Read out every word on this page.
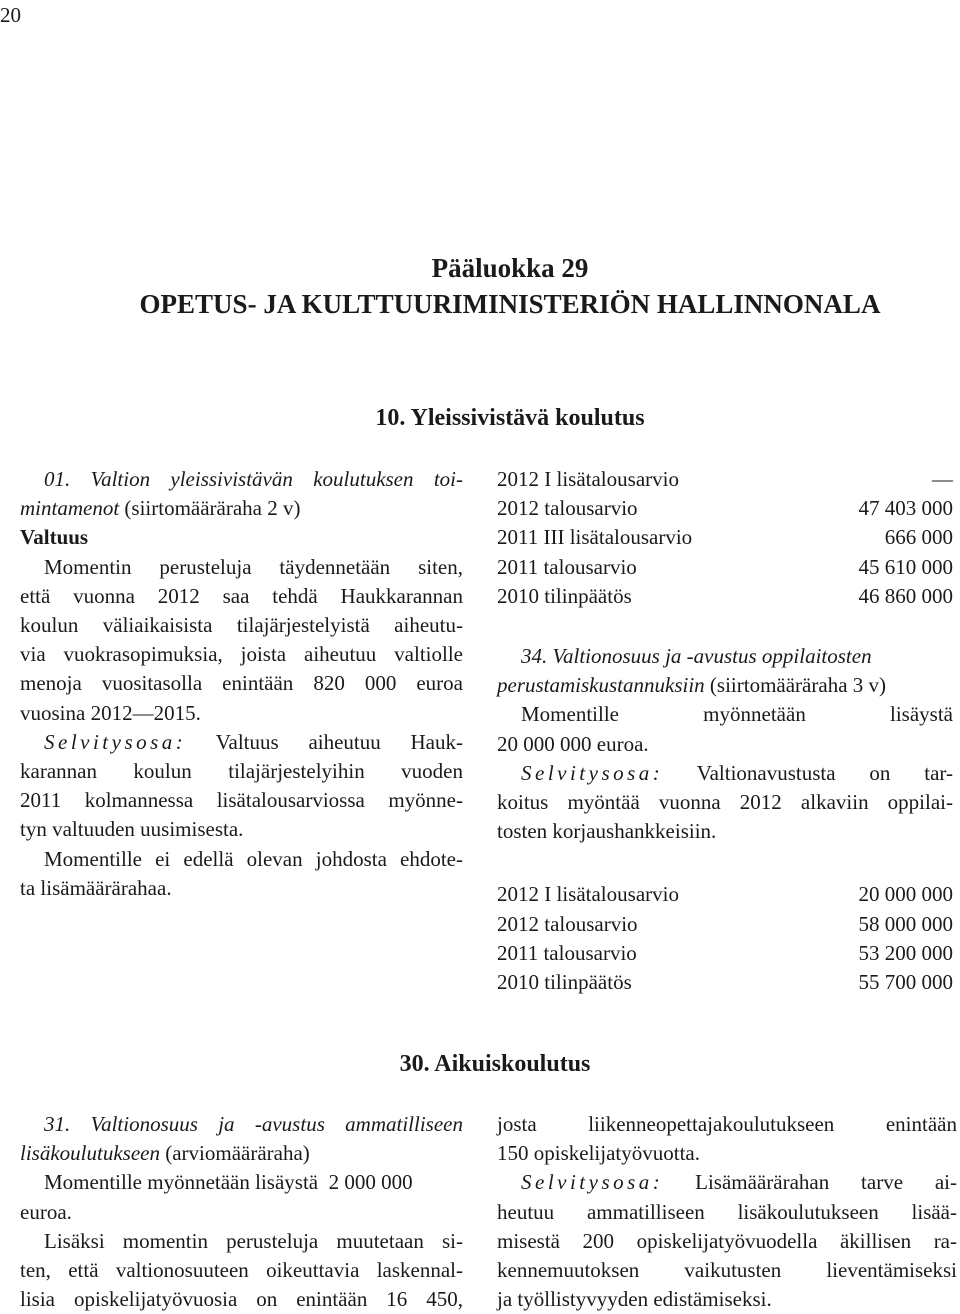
20
Pääluokka 29
OPETUS- JA KULTTUURIMINISTERIÖN HALLINNONALA
10. Yleissivistävä koulutus

01. Valtion yleissivistävän koulutuksen toi-

mintamenot (siirtomääräraha 2 v)

Valtuus

Momentin perusteluja täydennetään siten,

että vuonna 2012 saa tehdä Haukkarannan

koulun väliaikaisista tilajärjestelyistä aiheutu-

via vuokrasopimuksia, joista aiheutuu valtiolle

menoja vuositasolla enintään 820 000 euroa

vuosina 2012—2015.

Selvitysosa: Valtuus aiheutuu Hauk-

karannan koulun tilajärjestelyihin vuoden

2011 kolmannessa lisätalousarviossa myönne-

tyn valtuuden uusimisesta.

Momentille ei edellä olevan johdosta ehdote-

ta lisämäärärahaa.

2012 I lisätalousarvio	—
2012 talousarvio	47 403 000
2011 III lisätalousarvio	666 000
2011 talousarvio	45 610 000
2010 tilinpäätös	46 860 000

34. Valtionosuus ja -avustus oppilaitosten

perustamiskustannuksiin (siirtomääräraha 3 v)

Momentille myönnetään lisäystä

20 000 000 euroa.

Selvitysosa: Valtionavustusta on tar-

koitus myöntää vuonna 2012 alkaviin oppilai-

tosten korjaushankkeisiin.

2012 I lisätalousarvio	20 000 000
2012 talousarvio	58 000 000
2011 talousarvio	53 200 000
2010 tilinpäätös	55 700 000
30. Aikuiskoulutus

31. Valtionosuus ja -avustus ammatilliseen

lisäkoulutukseen (arviomääräraha)

Momentille myönnetään lisäystä  2 000 000

euroa.

Lisäksi momentin perusteluja muutetaan si-

ten, että valtionosuuteen oikeuttavia laskennal-

lisia opiskelijatyövuosia on enintään 16 450,

josta liikenneopettajakoulutukseen enintään

150 opiskelijatyövuotta.

Selvitysosa: Lisämäärärahan tarve ai-

heutuu ammatilliseen lisäkoulutukseen lisää-

misestä 200 opiskelijatyövuodella äkillisen ra-

kennemuutoksen vaikutusten lieventämiseksi

ja työllistyvyyden edistämiseksi.
